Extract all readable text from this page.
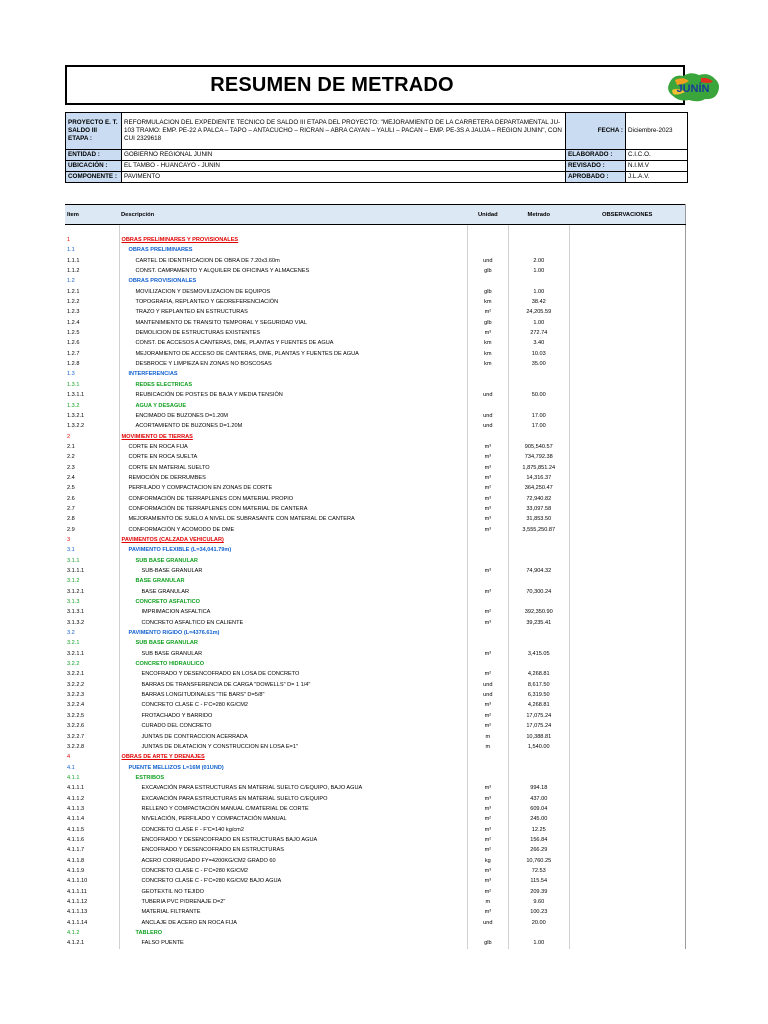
RESUMEN DE METRADO	JUNÍN
PROYECTO E. T. SALDO III ETAPA :	REFORMULACION DEL EXPEDIENTE TECNICO DE SALDO III ETAPA DEL PROYECTO: "MEJORAMIENTO DE LA CARRETERA DEPARTAMENTAL JU-103 TRAMO: EMP. PE-22 A PALCA – TAPO – ANTACUCHO – RICRAN – ABRA CAYAN – YAULI – PACAN – EMP. PE-3S A JAUJA – REGION JUNIN", CON CUI 2329618	FECHA :	Diciembre-2023
ENTIDAD :	GOBIERNO REGIONAL JUNIN	ELABORADO :	C.I.C.O.
UBICACIÓN :	EL TAMBO - HUANCAYO - JUNIN	REVISADO :	N.I.M.V
COMPONENTE :	PAVIMENTO	APROBADO :	J.L.A.V.
Item	Descripción	Unidad	Metrado	OBSERVACIONES

1	OBRAS PRELIMINARES Y PROVISIONALES			
1.1	OBRAS PRELIMINARES			
1.1.1	CARTEL DE IDENTIFICACION DE OBRA DE 7.20x3.60m	und	2.00	
1.1.2	CONST. CAMPAMENTO Y ALQUILER DE OFICINAS Y ALMACENES	glb	1.00	
1.2	OBRAS PROVISIONALES			
1.2.1	MOVILIZACION Y DESMOVILIZACION DE EQUIPOS	glb	1.00	
1.2.2	TOPOGRAFIA, REPLANTEO Y GEOREFERENCIACIÓN	km	38.42	
1.2.3	TRAZO Y REPLANTEO EN ESTRUCTURAS	m²	24,205.59	
1.2.4	MANTENIMIENTO DE TRANSITO TEMPORAL Y SEGURIDAD VIAL	glb	1.00	
1.2.5	DEMOLICION DE ESTRUCTURAS EXISTENTES	m³	272.74	
1.2.6	CONST. DE ACCESOS A CANTERAS, DME, PLANTAS Y FUENTES DE AGUA	km	3.40	
1.2.7	MEJORAMIENTO DE ACCESO DE CANTERAS, DME, PLANTAS Y FUENTES DE AGUA	km	10.03	
1.2.8	DESBROCE Y LIMPIEZA EN ZONAS NO BOSCOSAS	km	35.00	
1.3	INTERFERENCIAS			
1.3.1	REDES ELECTRICAS			
1.3.1.1	REUBICACIÓN DE POSTES DE BAJA Y MEDIA TENSIÓN	und	50.00	
1.3.2	AGUA Y DESAGUE			
1.3.2.1	ENCIMADO DE BUZONES D=1.20M	und	17.00	
1.3.2.2	ACORTAMIENTO DE BUZONES D=1.20M	und	17.00	
2	MOVIMIENTO DE TIERRAS			
2.1	CORTE EN ROCA FIJA	m³	905,540.57	
2.2	CORTE EN ROCA SUELTA	m³	734,792.38	
2.3	CORTE EN MATERIAL SUELTO	m³	1,875,851.24	
2.4	REMOCIÓN DE DERRUMBES	m³	14,316.37	
2.5	PERFILADO Y COMPACTACION EN ZONAS DE CORTE	m²	364,250.47	
2.6	CONFORMACIÓN DE TERRAPLENES CON MATERIAL PROPIO	m³	72,940.82	
2.7	CONFORMACIÓN DE TERRAPLENES CON MATERIAL DE CANTERA	m³	33,097.58	
2.8	MEJORAMIENTO DE SUELO A NIVEL DE SUBRASANTE CON MATERIAL DE CANTERA	m³	31,853.50	
2.9	CONFORMACIÓN Y ACOMODO DE DME	m³	3,555,250.87	
3	PAVIMENTOS (CALZADA VEHICULAR)			
3.1	PAVIMENTO FLEXIBLE (L=34,041.79m)			
3.1.1	SUB BASE GRANULAR			
3.1.1.1	SUB-BASE GRANULAR	m³	74,904.32	
3.1.2	BASE GRANULAR			
3.1.2.1	BASE GRANULAR	m³	70,300.24	
3.1.3	CONCRETO ASFALTICO			
3.1.3.1	IMPRIMACION ASFALTICA	m²	392,350.90	
3.1.3.2	CONCRETO ASFALTICO EN CALIENTE	m³	39,235.41	
3.2	PAVIMENTO RIGIDO (L=4376.61m)			
3.2.1	SUB BASE GRANULAR			
3.2.1.1	SUB BASE GRANULAR	m³	3,415.05	
3.2.2	CONCRETO HIDRAULICO			
3.2.2.1	ENCOFRADO Y DESENCOFRADO EN LOSA DE CONCRETO	m²	4,268.81	
3.2.2.2	BARRAS DE TRANSFERENCIA DE CARGA "DOWELLS" D= 1 1/4"	und	8,617.50	
3.2.2.3	BARRAS LONGITUDINALES "TIE BARS" D=5/8"	und	6,319.50	
3.2.2.4	CONCRETO CLASE C - F'C=280 KG/CM2	m³	4,268.81	
3.2.2.5	FROTACHADO Y BARRIDO	m²	17,075.24	
3.2.2.6	CURADO DEL CONCRETO	m²	17,075.24	
3.2.2.7	JUNTAS DE CONTRACCION ACERRADA	m	10,388.81	
3.2.2.8	JUNTAS DE DILATACION Y CONSTRUCCION EN LOSA E=1"	m	1,540.00	
4	OBRAS DE ARTE Y DRENAJES			
4.1	PUENTE MELLIZOS L=16M (01UND)			
4.1.1	ESTRIBOS			
4.1.1.1	EXCAVACIÓN PARA ESTRUCTURAS EN MATERIAL SUELTO C/EQUIPO, BAJO AGUA	m³	994.18	
4.1.1.2	EXCAVACIÓN PARA ESTRUCTURAS EN MATERIAL SUELTO C/EQUIPO	m³	437.00	
4.1.1.3	RELLENO Y COMPACTACIÓN MANUAL C/MATERIAL DE CORTE	m³	609.04	
4.1.1.4	NIVELACIÓN, PERFILADO Y COMPACTACIÓN MANUAL	m²	245.00	
4.1.1.5	CONCRETO CLASE F - F'C=140 kg/cm2	m³	12.25	
4.1.1.6	ENCOFRADO Y DESENCOFRADO EN ESTRUCTURAS BAJO AGUA	m²	156.84	
4.1.1.7	ENCOFRADO Y DESENCOFRADO EN ESTRUCTURAS	m²	266.29	
4.1.1.8	ACERO CORRUGADO FY=4200KG/CM2 GRADO 60	kg	10,760.25	
4.1.1.9	CONCRETO CLASE C - F'C=280 KG/CM2	m³	72.53	
4.1.1.10	CONCRETO CLASE C - F'C=280 KG/CM2 BAJO AGUA	m³	115.54	
4.1.1.11	GEOTEXTIL NO TEJIDO	m²	209.39	
4.1.1.12	TUBERIA PVC P/DRENAJE D=2"	m	9.60	
4.1.1.13	MATERIAL FILTRANTE	m³	100.23	
4.1.1.14	ANCLAJE DE ACERO EN ROCA FIJA	und	20.00	
4.1.2	TABLERO			
4.1.2.1	FALSO PUENTE	glb	1.00	
